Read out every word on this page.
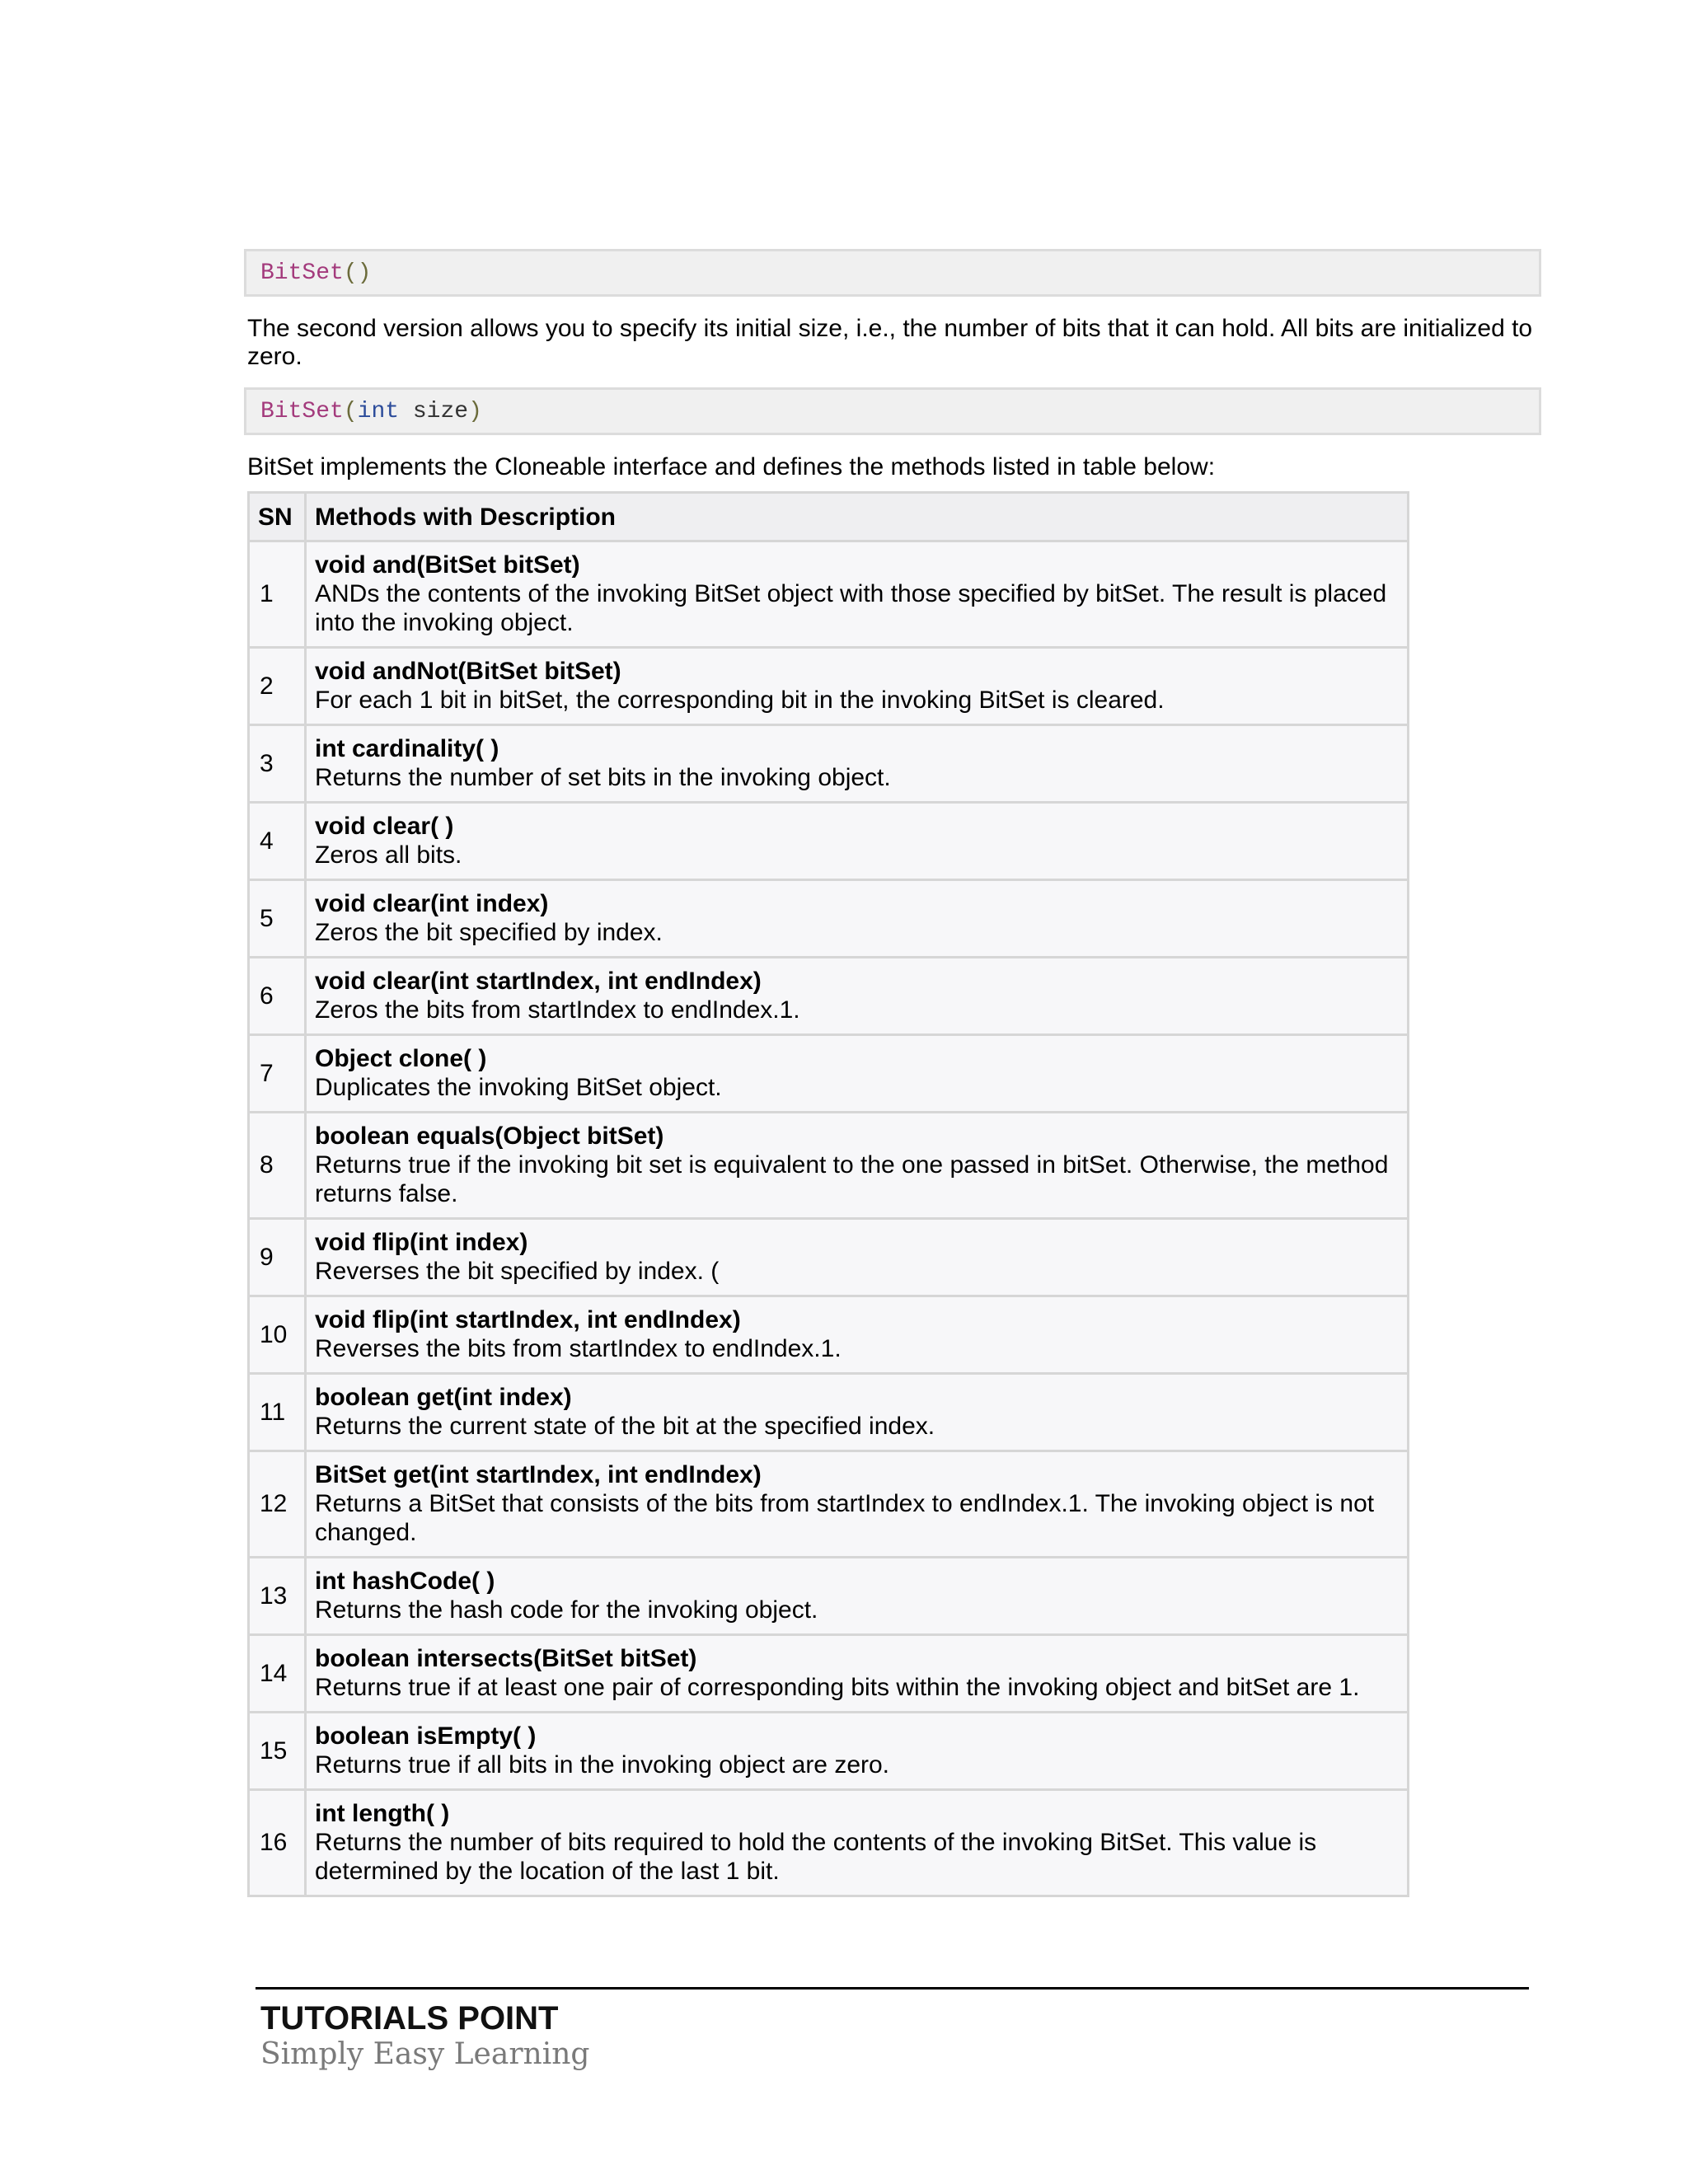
BitSet ( )

The second version allows you to specify its initial size, i.e., the number of bits that it can hold. All bits are initialized to zero.

BitSet ( int size )

BitSet implements the Cloneable interface and defines the methods listed in table below:

SN	Methods with Description
1	void and(BitSet bitSet)
ANDs the contents of the invoking BitSet object with those specified by bitSet. The result is placed into the invoking object.

2	void andNot(BitSet bitSet)
For each 1 bit in bitSet, the corresponding bit in the invoking BitSet is cleared.

3	int cardinality( )
Returns the number of set bits in the invoking object.

4	void clear( )
Zeros all bits.

5	void clear(int index)
Zeros the bit specified by index.

6	void clear(int startIndex, int endIndex)
Zeros the bits from startIndex to endIndex.1.

7	Object clone( )
Duplicates the invoking BitSet object.

8	boolean equals(Object bitSet)
Returns true if the invoking bit set is equivalent to the one passed in bitSet. Otherwise, the method returns false.

9	void flip(int index)
Reverses the bit specified by index. (

10	void flip(int startIndex, int endIndex)
Reverses the bits from startIndex to endIndex.1.

11	boolean get(int index)
Returns the current state of the bit at the specified index.

12	BitSet get(int startIndex, int endIndex)
Returns a BitSet that consists of the bits from startIndex to endIndex.1. The invoking object is not changed.

13	int hashCode( )
Returns the hash code for the invoking object.

14	boolean intersects(BitSet bitSet)
Returns true if at least one pair of corresponding bits within the invoking object and bitSet are 1.

15	boolean isEmpty( )
Returns true if all bits in the invoking object are zero.

16	int length( )
Returns the number of bits required to hold the contents of the invoking BitSet. This value is determined by the location of the last 1 bit.
TUTORIALS POINT
Simply Easy Learning
